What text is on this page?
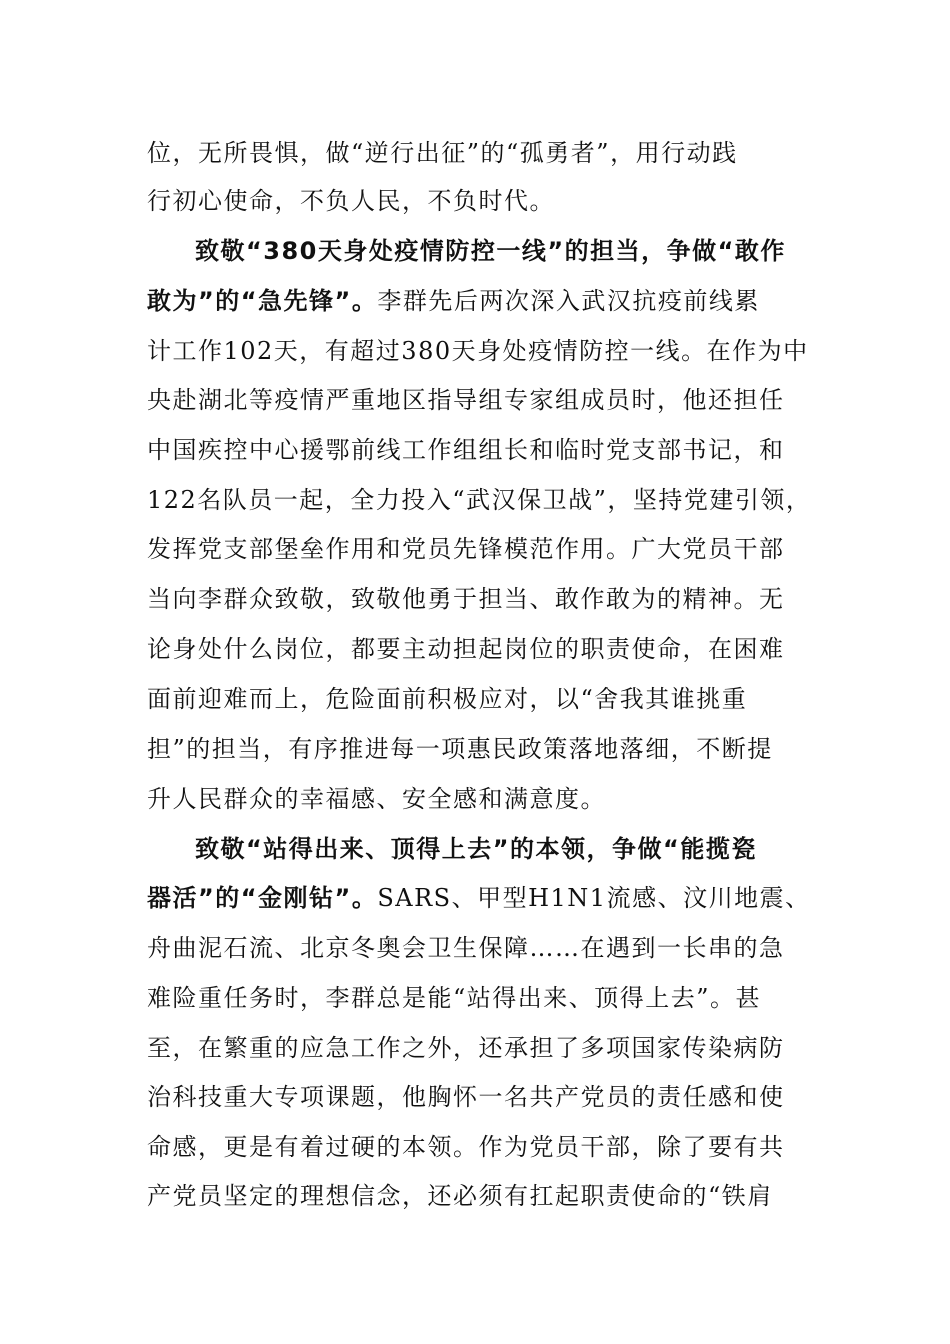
位，无所畏惧，做“逆行出征”的“孤勇者”，用行动践
行初心使命，不负人民，不负时代。
致敬“380天身处疫情防控一线”的担当，争做“敢作
敢为”的“急先锋”。李群先后两次深入武汉抗疫前线累
计工作102天，有超过380天身处疫情防控一线。在作为中
央赴湖北等疫情严重地区指导组专家组成员时，他还担任
中国疾控中心援鄂前线工作组组长和临时党支部书记，和
122名队员一起，全力投入“武汉保卫战”，坚持党建引领，
发挥党支部堡垒作用和党员先锋模范作用。广大党员干部
当向李群众致敬，致敬他勇于担当、敢作敢为的精神。无
论身处什么岗位，都要主动担起岗位的职责使命，在困难
面前迎难而上，危险面前积极应对，以“舍我其谁挑重
担”的担当，有序推进每一项惠民政策落地落细，不断提
升人民群众的幸福感、安全感和满意度。
致敬“站得出来、顶得上去”的本领，争做“能揽瓷
器活”的“金刚钻”。SARS、甲型H1N1流感、汶川地震、
舟曲泥石流、北京冬奥会卫生保障……在遇到一长串的急
难险重任务时，李群总是能“站得出来、顶得上去”。甚
至，在繁重的应急工作之外，还承担了多项国家传染病防
治科技重大专项课题，他胸怀一名共产党员的责任感和使
命感，更是有着过硬的本领。作为党员干部，除了要有共
产党员坚定的理想信念，还必须有扛起职责使命的“铁肩
